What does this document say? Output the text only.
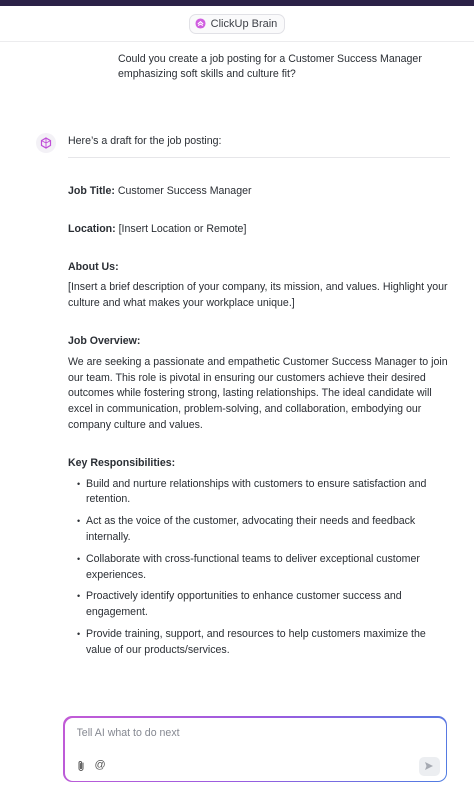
ClickUp Brain
Could you create a job posting for a Customer Success Manager emphasizing soft skills and culture fit?
Here’s a draft for the job posting:
Job Title: Customer Success Manager
Location: [Insert Location or Remote]
About Us:
[Insert a brief description of your company, its mission, and values. Highlight your culture and what makes your workplace unique.]
Job Overview:
We are seeking a passionate and empathetic Customer Success Manager to join our team. This role is pivotal in ensuring our customers achieve their desired outcomes while fostering strong, lasting relationships. The ideal candidate will excel in communication, problem-solving, and collaboration, embodying our company culture and values.
Key Responsibilities:
• Build and nurture relationships with customers to ensure satisfaction and retention.
• Act as the voice of the customer, advocating their needs and feedback internally.
• Collaborate with cross-functional teams to deliver exceptional customer experiences.
• Proactively identify opportunities to enhance customer success and engagement.
• Provide training, support, and resources to help customers maximize the value of our products/services.
Tell AI what to do next
@
